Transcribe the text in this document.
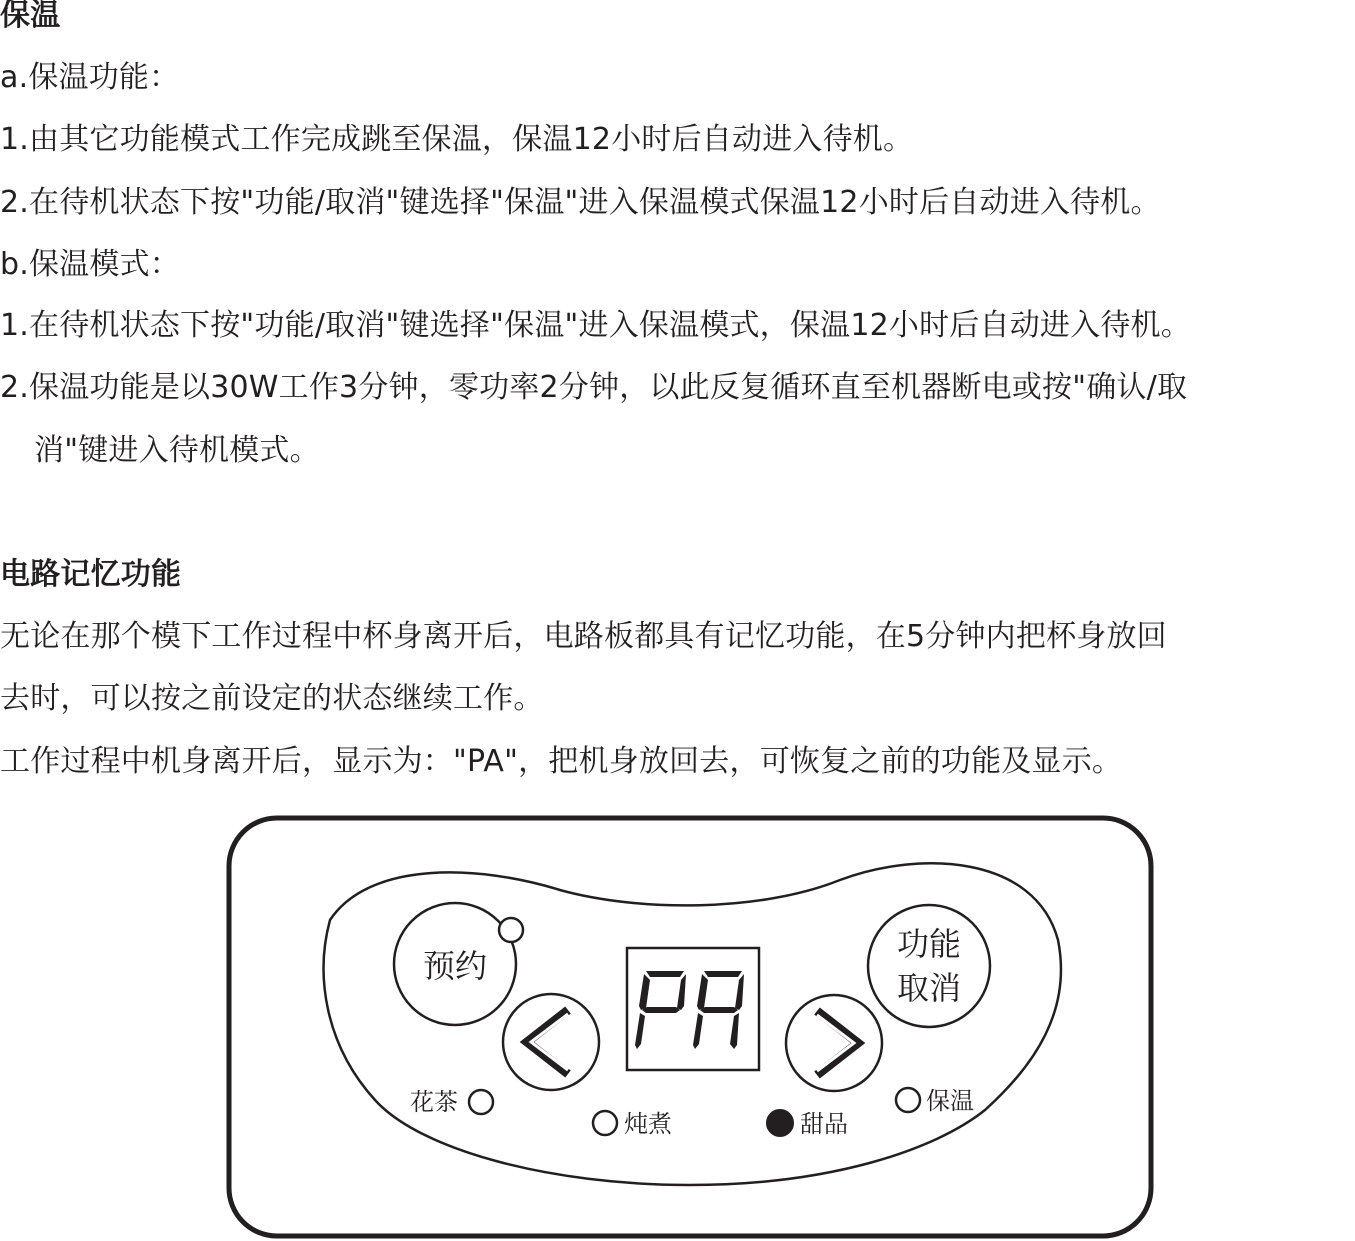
保温
a.保温功能：
1.由其它功能模式工作完成跳至保温，保温12小时后自动进入待机。
2.在待机状态下按"功能/取消"键选择"保温"进入保温模式保温12小时后自动进入待机。
b.保温模式：
1.在待机状态下按"功能/取消"键选择"保温"进入保温模式，保温12小时后自动进入待机。
2.保温功能是以30W工作3分钟，零功率2分钟，以此反复循环直至机器断电或按"确认/取
消"键进入待机模式。
电路记忆功能
无论在那个模下工作过程中杯身离开后，电路板都具有记忆功能，在5分钟内把杯身放回
去时，可以按之前设定的状态继续工作。
工作过程中机身离开后，显示为："PA"，把机身放回去，可恢复之前的功能及显示。
预约
功能
取消
花茶
炖煮	甜品
保温
